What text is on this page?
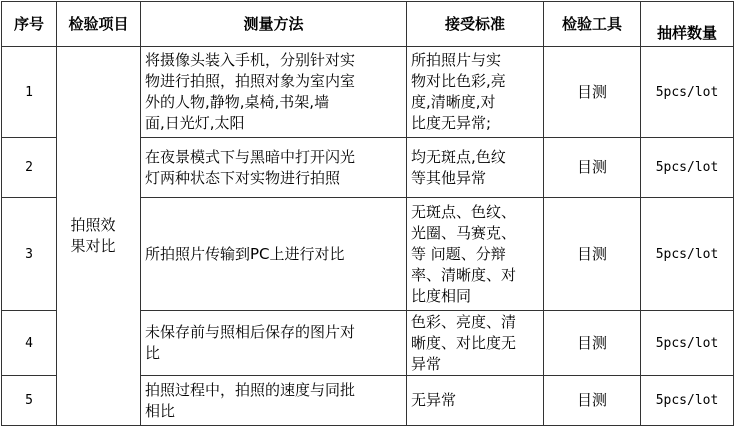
序号	检验项目	测量方法	接受标准	检验工具	抽样数量
1	拍照效果对比	将摄像头装入手机，分别针对实
物进行拍照，拍照对象为室内室
外的人物,静物,桌椅,书架,墙
面,日光灯,太阳	所拍照片与实
物对比色彩,亮
度,清晰度,对
比度无异常;	目测	5pcs/lot
2		在夜景模式下与黑暗中打开闪光
灯两种状态下对实物进行拍照	均无斑点,色纹
等其他异常	目测	5pcs/lot
3		所拍照片传输到PC上进行对比	无斑点、色纹、
光圈、马赛克、
等 问题、分辩
率、清晰度、对
比度相同	目测	5pcs/lot
4		未保存前与照相后保存的图片对
比	色彩、亮度、清
晰度、对比度无
异常	目测	5pcs/lot
5		拍照过程中，拍照的速度与同批
相比	无异常	目测	5pcs/lot
